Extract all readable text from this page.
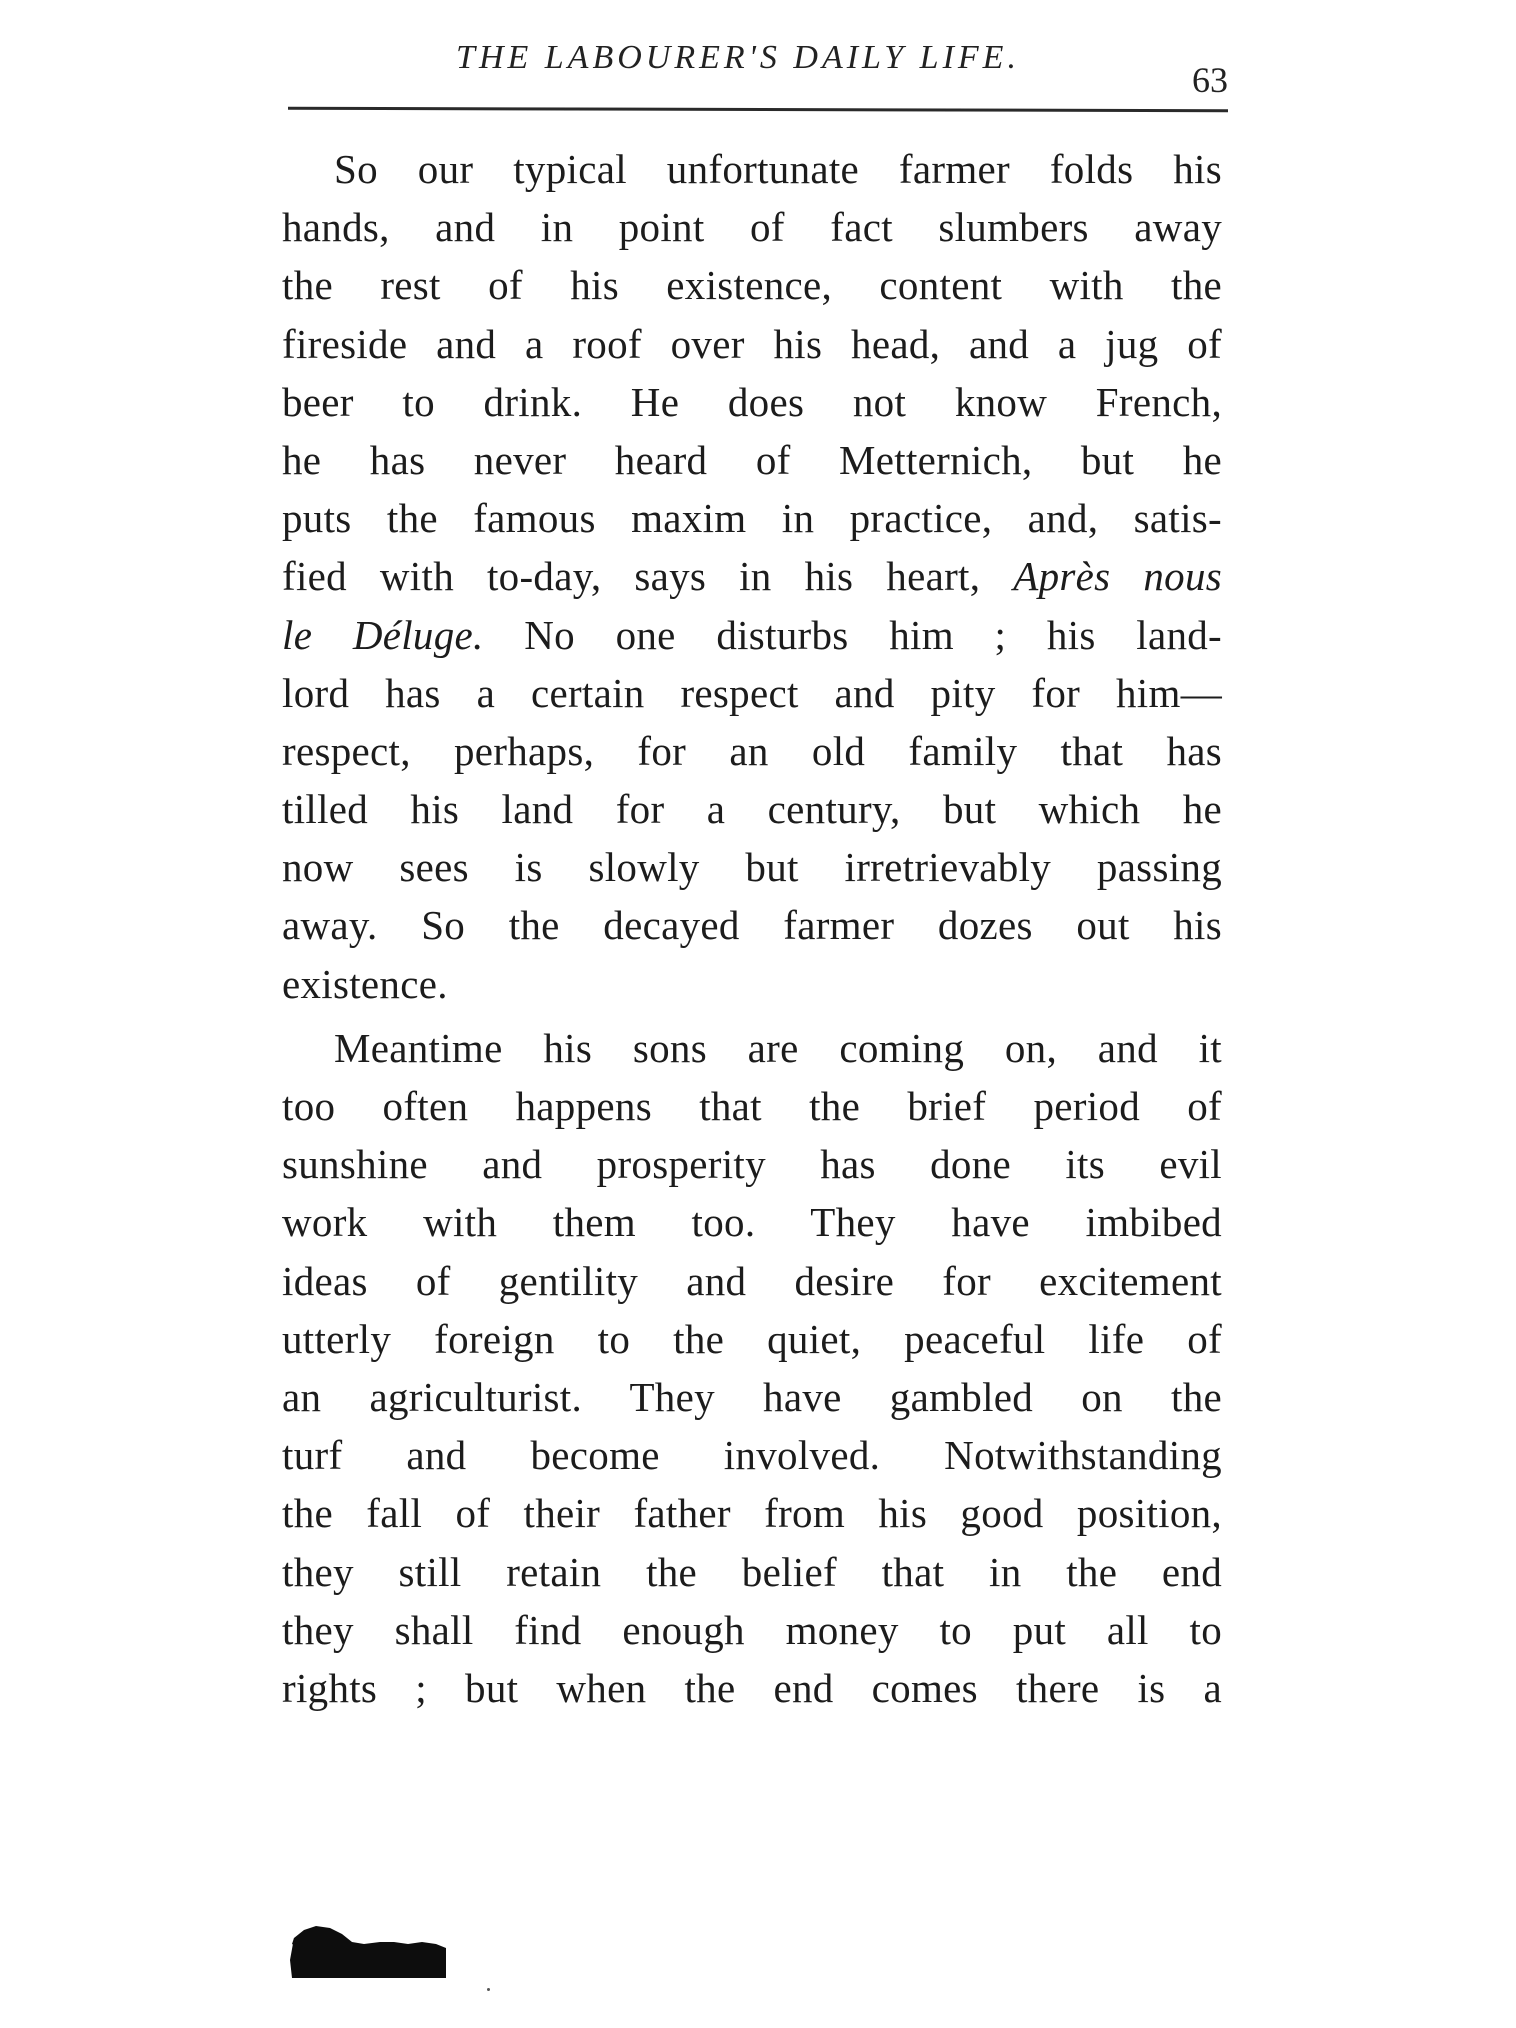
THE LABOURER'S DAILY LIFE.
63
So our typical unfortunate farmer folds his
hands, and in point of fact slumbers away
the rest of his existence, content with the
fireside and a roof over his head, and a jug of
beer to drink. He does not know French,
he has never heard of Metternich, but he
puts the famous maxim in practice, and, satis-
fied with to-day, says in his heart, Après nous
le Déluge. No one disturbs him ; his land-
lord has a certain respect and pity for him—
respect, perhaps, for an old family that has
tilled his land for a century, but which he
now sees is slowly but irretrievably passing
away. So the decayed farmer dozes out his
existence.
Meantime his sons are coming on, and it
too often happens that the brief period of
sunshine and prosperity has done its evil
work with them too. They have imbibed
ideas of gentility and desire for excitement
utterly foreign to the quiet, peaceful life of
an agriculturist. They have gambled on the
turf and become involved. Notwithstanding
the fall of their father from his good position,
they still retain the belief that in the end
they shall find enough money to put all to
rights ; but when the end comes there is a
